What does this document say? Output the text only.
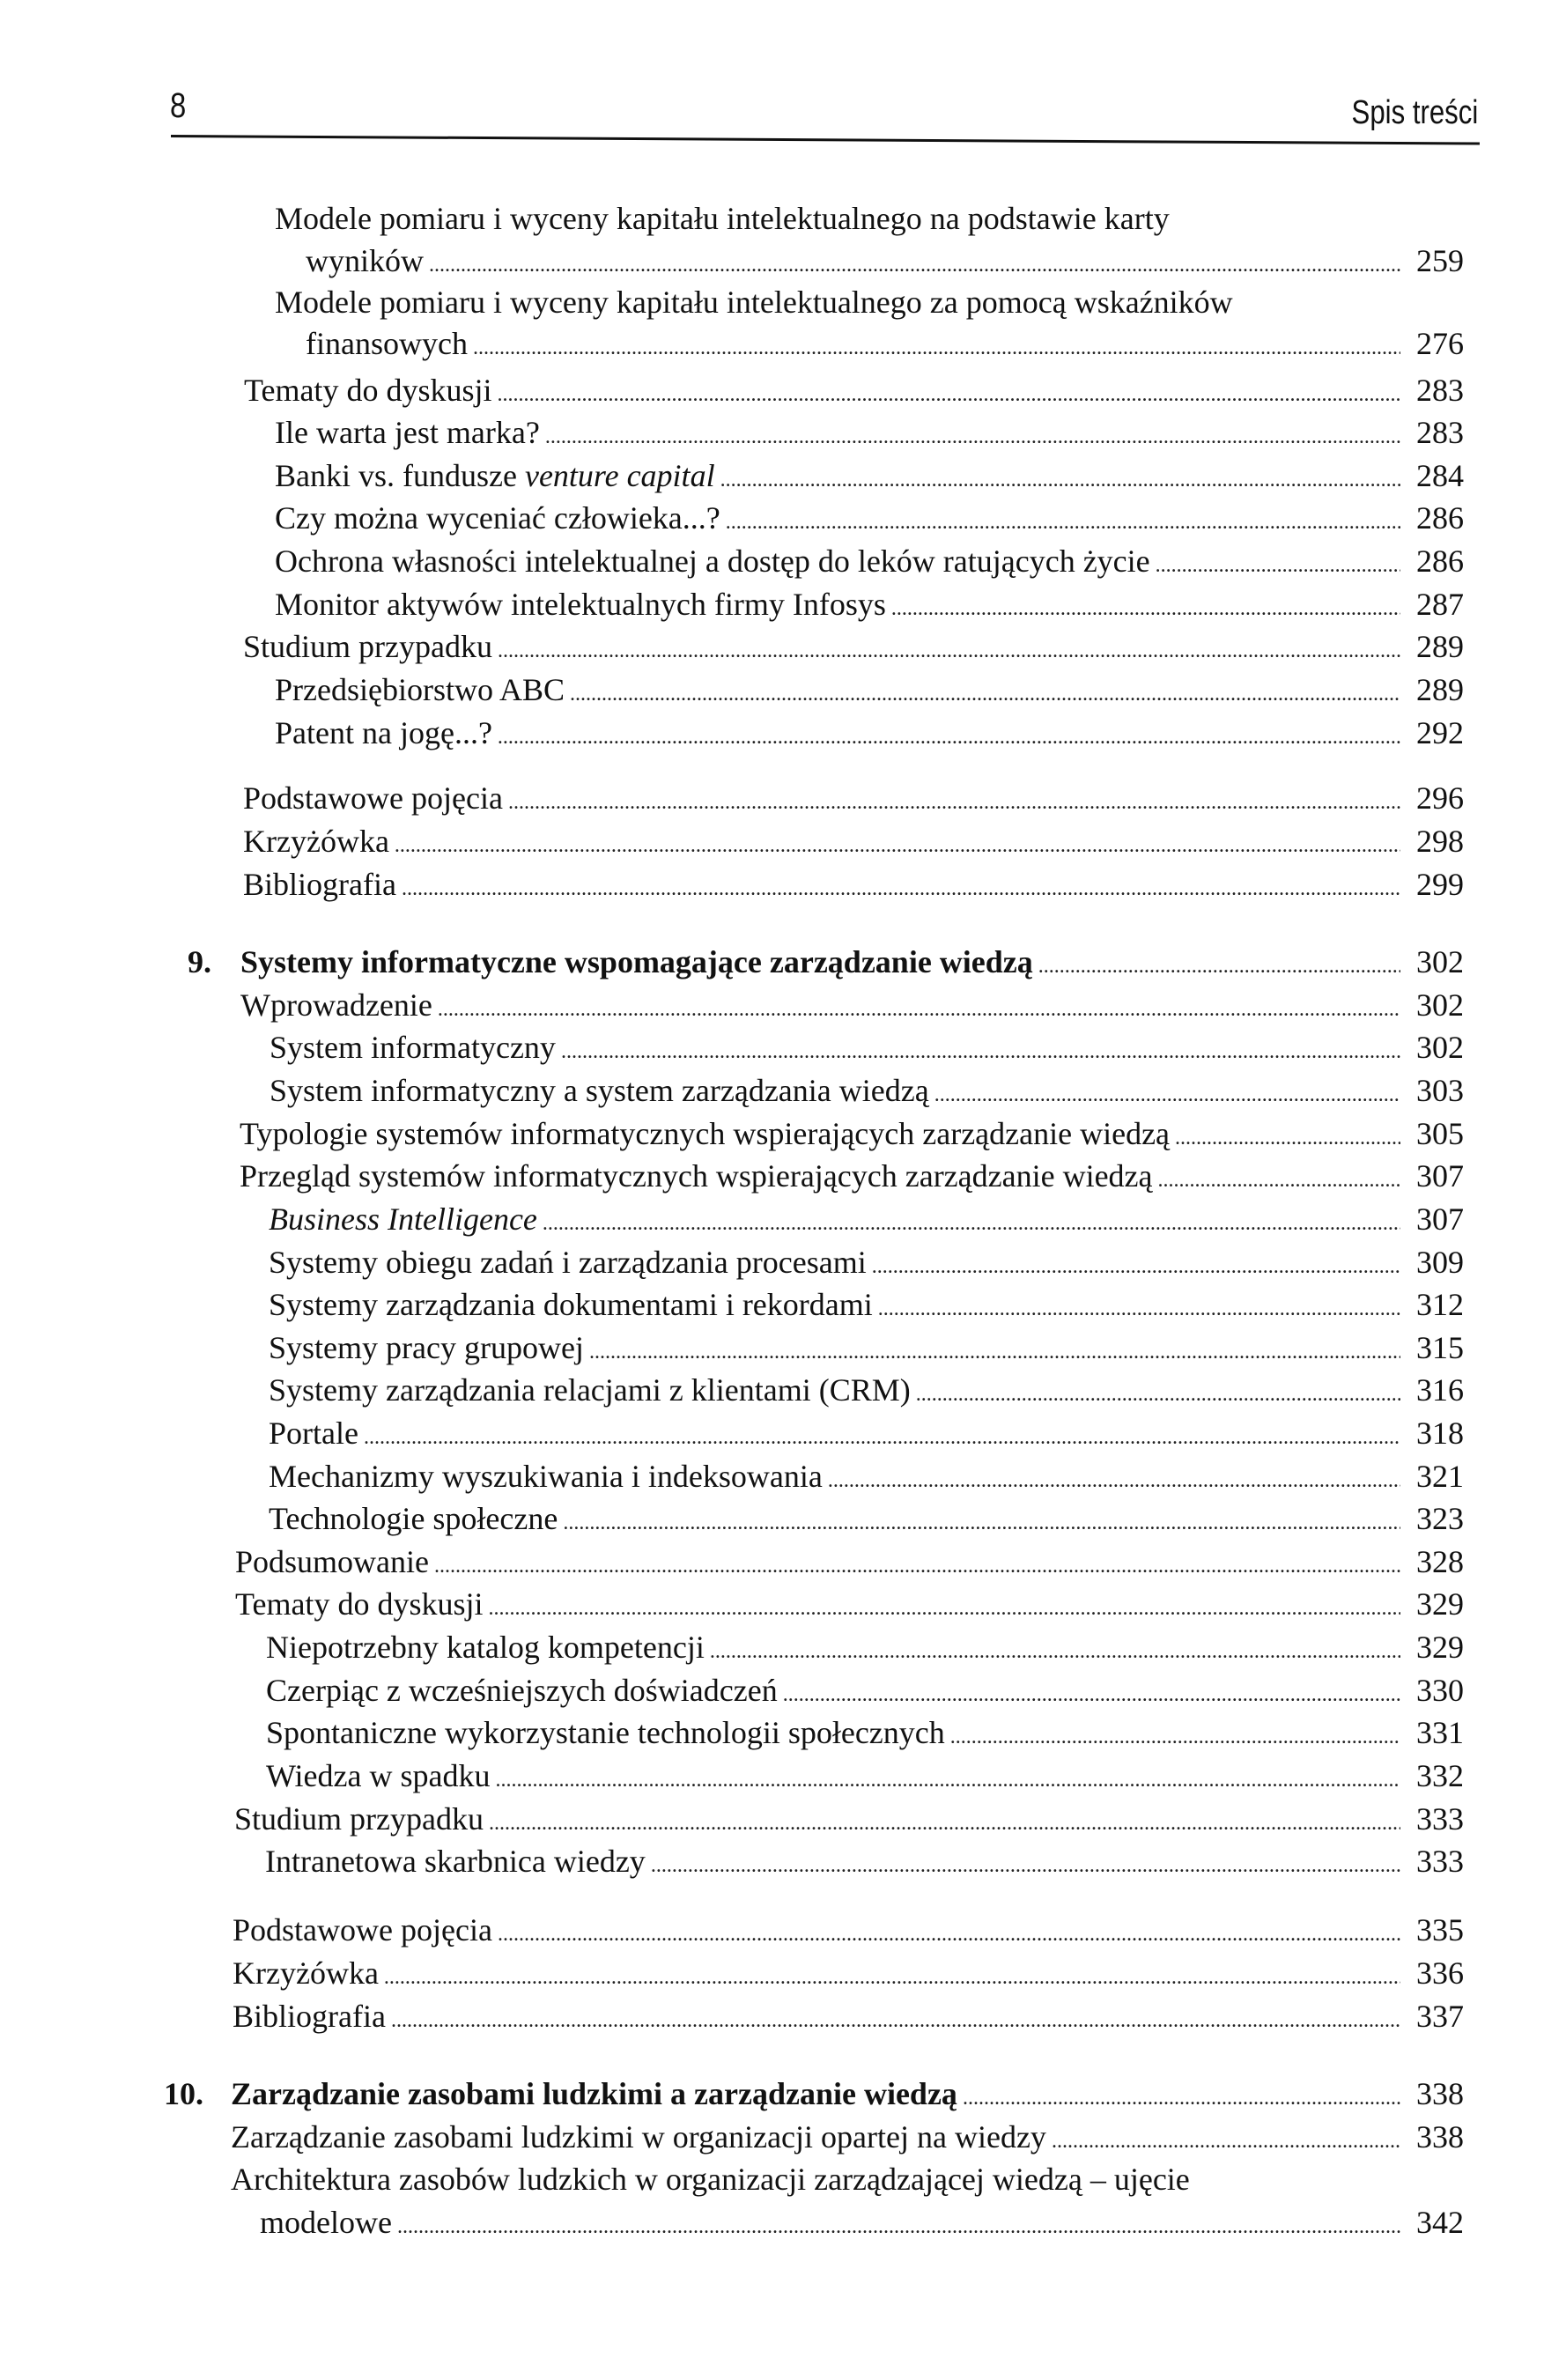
8	Spis treści
Modele pomiaru i wyceny kapitału intelektualnego na podstawie karty
wyników . . .	259
Modele pomiaru i wyceny kapitału intelektualnego za pomocą wskaźników
finansowych . . .	276
Tematy do dyskusji . . .	283
Ile warta jest marka? . . .	283
Banki vs. fundusze venture capital . . .	284
Czy można wyceniać człowieka...? . . .	286
Ochrona własności intelektualnej a dostęp do leków ratujących życie . . .	286
Monitor aktywów intelektualnych firmy Infosys . . .	287
Studium przypadku . . .	289
Przedsiębiorstwo ABC . . .	289
Patent na jogę...? . . .	292
Podstawowe pojęcia . . .	296
Krzyżówka . . .	298
Bibliografia . . .	299
9. Systemy informatyczne wspomagające zarządzanie wiedzą . . .	302
Wprowadzenie . . .	302
System informatyczny . . .	302
System informatyczny a system zarządzania wiedzą . . .	303
Typologie systemów informatycznych wspierających zarządzanie wiedzą . . .	305
Przegląd systemów informatycznych wspierających zarządzanie wiedzą . . .	307
Business Intelligence . . .	307
Systemy obiegu zadań i zarządzania procesami . . .	309
Systemy zarządzania dokumentami i rekordami . . .	312
Systemy pracy grupowej . . .	315
Systemy zarządzania relacjami z klientami (CRM) . . .	316
Portale . . .	318
Mechanizmy wyszukiwania i indeksowania . . .	321
Technologie społeczne . . .	323
Podsumowanie . . .	328
Tematy do dyskusji . . .	329
Niepotrzebny katalog kompetencji . . .	329
Czerpiąc z wcześniejszych doświadczeń . . .	330
Spontaniczne wykorzystanie technologii społecznych . . .	331
Wiedza w spadku . . .	332
Studium przypadku . . .	333
Intranetowa skarbnica wiedzy . . .	333
Podstawowe pojęcia . . .	335
Krzyżówka . . .	336
Bibliografia . . .	337
10. Zarządzanie zasobami ludzkimi a zarządzanie wiedzą . . .	338
Zarządzanie zasobami ludzkimi w organizacji opartej na wiedzy . . .	338
Architektura zasobów ludzkich w organizacji zarządzającej wiedzą – ujęcie
modelowe . . .	342
